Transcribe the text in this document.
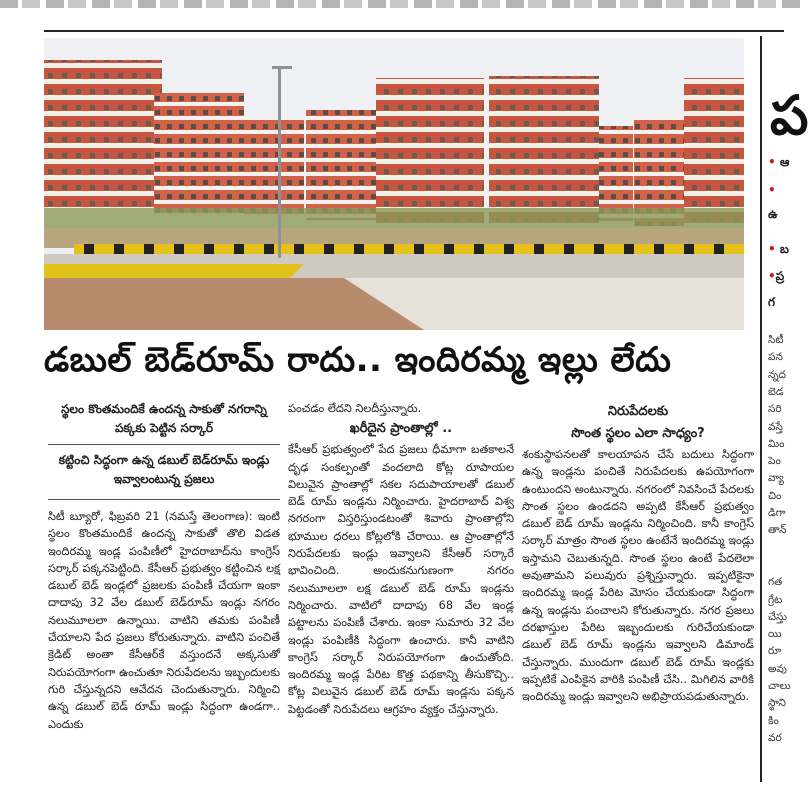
డబుల్ బెడ్‌రూమ్ రాదు.. ఇందిరమ్మ ఇల్లు లేదు
స్థలం కొంతమందికే ఉందన్న సాకుతో నగరాన్ని పక్కకు పెట్టిన సర్కార్
కట్టించి సిద్ధంగా ఉన్న డబుల్ బెడ్‌రూమ్ ఇండ్లు ఇవ్వాలంటున్న ప్రజలు

సిటీ బ్యూరో, ఫిబ్రవరి 21 (నమస్తే తెలంగాణ): ఇంటి స్థలం కొంతమందికే ఉందన్న సాకుతో తొలి విడత ఇందిరమ్మ ఇండ్ల పంపిణీలో హైదరాబాద్‌ను కాంగ్రెస్ సర్కార్ పక్కనపెట్టింది. కేసీఆర్ ప్రభుత్వం కట్టించిన లక్ష డబుల్ బెడ్ ఇండ్లలో ప్రజలకు పంపిణీ చేయగా ఇంకా దాదాపు 32 వేల డబుల్ బెడ్‌రూమ్ ఇండ్లు నగరం నలుమూలలా ఉన్నాయి. వాటిని తమకు పంపిణీ చేయాలని పేద ప్రజలు కోరుతున్నారు. వాటిని పంచితే క్రెడిట్ అంతా కేసీఆర్‌కే వస్తుందనే అక్కసుతో నిరుపయోగంగా ఉంచుతూ నిరుపేదలను ఇబ్బందులకు గురి చేస్తున్నదని ఆవేదన చెందుతున్నారు. నిర్మించి ఉన్న డబుల్ బెడ్ రూమ్ ఇండ్లు సిద్ధంగా ఉండగా.. ఎందుకు

పంచడం లేదని నిలదీస్తున్నారు.

ఖరీదైన ప్రాంతాల్లో ..

కేసీఆర్ ప్రభుత్వంలో పేద ప్రజలు ధీమాగా బతకాలనే దృఢ సంకల్పంతో వందలాది కోట్ల రూపాయల విలువైన ప్రాంతాల్లో సకల సదుపాయాలతో డబుల్ బెడ్ రూమ్ ఇండ్లను నిర్మించారు. హైదరాబాద్ విశ్వ నగరంగా విస్తరిస్తుండటంతో శివారు ప్రాంతాల్లోని భూముల ధరలు కోట్లలోకి చేరాయి. ఆ ప్రాంతాల్లోనే నిరుపేదలకు ఇండ్లు ఇవ్వాలని కేసీఆర్ సర్కారే భావించింది. అందుకనుగుణంగా నగరం నలుమూలలా లక్ష డబుల్ బెడ్ రూమ్ ఇండ్లను నిర్మించారు. వాటిలో దాదాపు 68 వేల ఇండ్ల పట్టాలను పంపిణీ చేశారు. ఇంకా సుమారు 32 వేల ఇండ్లు పంపిణీకి సిద్ధంగా ఉంచారు. కానీ వాటిని కాంగ్రెస్ సర్కార్ నిరుపయోగంగా ఉంచుతోంది. ఇందిరమ్మ ఇండ్ల పేరిట కొత్త పథకాన్ని తీసుకొచ్చి.. కోట్ల విలువైన డబుల్ బెడ్ రూమ్ ఇండ్లను పక్కన పెట్టడంతో నిరుపేదలు ఆగ్రహం వ్యక్తం చేస్తున్నారు.

నిరుపేదలకు
సొంత స్థలం ఎలా సాధ్యం?

శంకుస్థాపనలతో కాలయాపన చేసే బదులు సిద్ధంగా ఉన్న ఇండ్లను పంచితే నిరుపేదలకు ఉపయోగంగా ఉంటుందని అంటున్నారు. నగరంలో నివసించే పేదలకు సొంత స్థలం ఉండదని అప్పటి కేసీఆర్ ప్రభుత్వం డబుల్ బెడ్ రూమ్ ఇండ్లను నిర్మించింది. కానీ కాంగ్రెస్ సర్కార్ మాత్రం సొంత స్థలం ఉంటేనే ఇందిరమ్మ ఇండ్లు ఇస్తామని చెబుతున్నది. సొంత స్థలం ఉంటే పేదలెలా అవుతామని పలువురు ప్రశ్నిస్తున్నారు. ఇప్పటికైనా ఇందిరమ్మ ఇండ్ల పేరిట మోసం చేయకుండా సిద్ధంగా ఉన్న ఇండ్లను పంచాలని కోరుతున్నారు. నగర ప్రజలు దరఖాస్తుల పేరిట ఇబ్బందులకు గురిచేయకుండా డబుల్ బెడ్ రూమ్ ఇండ్లను ఇవ్వాలని డిమాండ్ చేస్తున్నారు. ముందుగా డబుల్ బెడ్ రూమ్ ఇండ్లకు ఇప్పటికే ఎంపికైన వారికి పంపిణీ చేసి.. మిగిలిన వారికి ఇందిరమ్మ ఇండ్లు ఇవ్వాలని అభిప్రాయపడుతున్నారు.

ప
• ఆ
•
ఉ
• బ
•ప్ర
గ
సిటీ
పన
న్నద
బెడ
సరి
వస్తే
మిం
పెం
వ్యా
చిం
డిగా
తాన్
గత
గ్రేట
చేస్తు
యి
రూ
అవు
చాలు
స్థాని
కిం
వర
